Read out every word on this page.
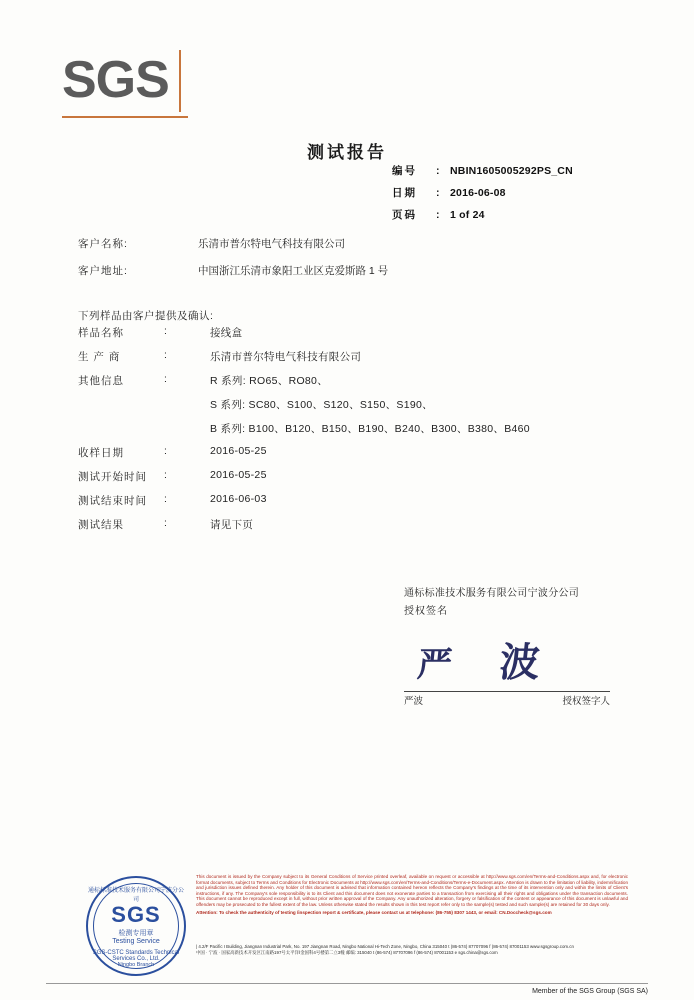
SGS
测试报告
编号	:	NBIN1605005292PS_CN
日期	:	2016-06-08
页码	:	1 of 24
客户名称:	乐清市普尔特电气科技有限公司
客户地址:	中国浙江乐清市象阳工业区克爱斯路 1 号
下列样品由客户提供及确认:
样品名称	:	接线盒
生 产 商	:	乐清市普尔特电气科技有限公司
其他信息	:	R 系列: RO65、RO80、
S 系列: SC80、S100、S120、S150、S190、
B 系列: B100、B120、B150、B190、B240、B300、B380、B460
收样日期	:	2016-05-25
测试开始时间	:	2016-05-25
测试结束时间	:	2016-06-03
测试结果	:	请见下页
通标标准技术服务有限公司宁波分公司
授权签名
严 波
严波	授权签字人
通标标准技术服务有限公司宁波分公司
SGS
检测专用章
Testing Service
SGS-CSTC Standards Technical Services Co., Ltd.
Ningbo Branch
This document is issued by the Company subject to its General Conditions of Service printed overleaf, available on request or accessible at http://www.sgs.com/en/Terms-and-Conditions.aspx and, for electronic format documents, subject to Terms and Conditions for Electronic Documents at http://www.sgs.com/en/Terms-and-Conditions/Terms-e-Document.aspx. Attention is drawn to the limitation of liability, indemnification and jurisdiction issues defined therein. Any holder of this document is advised that information contained hereon reflects the Company's findings at the time of its intervention only and within the limits of Client's instructions, if any. The Company's sole responsibility is to its Client and this document does not exonerate parties to a transaction from exercising all their rights and obligations under the transaction documents. This document cannot be reproduced except in full, without prior written approval of the Company. Any unauthorized alteration, forgery or falsification of the content or appearance of this document is unlawful and offenders may be prosecuted to the fullest extent of the law. Unless otherwise stated the results shown in this test report refer only to the sample(s) tested and such sample(s) are retained for 30 days only.
Attention: To check the authenticity of testing /inspection report & certificate, please contact us at telephone: (86-755) 8307 1443, or email: CN.Doccheck@sgs.com
| 4.2/F Pacific I Building, Jiangnan Industrial Park, No. 197 Jiangnan Road, Ningbo National Hi-Tech Zone, Ningbo, China 315040 t (86-574) 87707096 f (86-574) 87001153 www.sgsgroup.com.cn
中国 · 宁波 · 国家高新技术开发区江南路197号太平洋Ⅰ金国科4号楼第二立3幢 邮编: 315040 t (86-574) 87707096 f (86-574) 87001153 e sgs.china@sgs.com
Member of the SGS Group (SGS SA)
